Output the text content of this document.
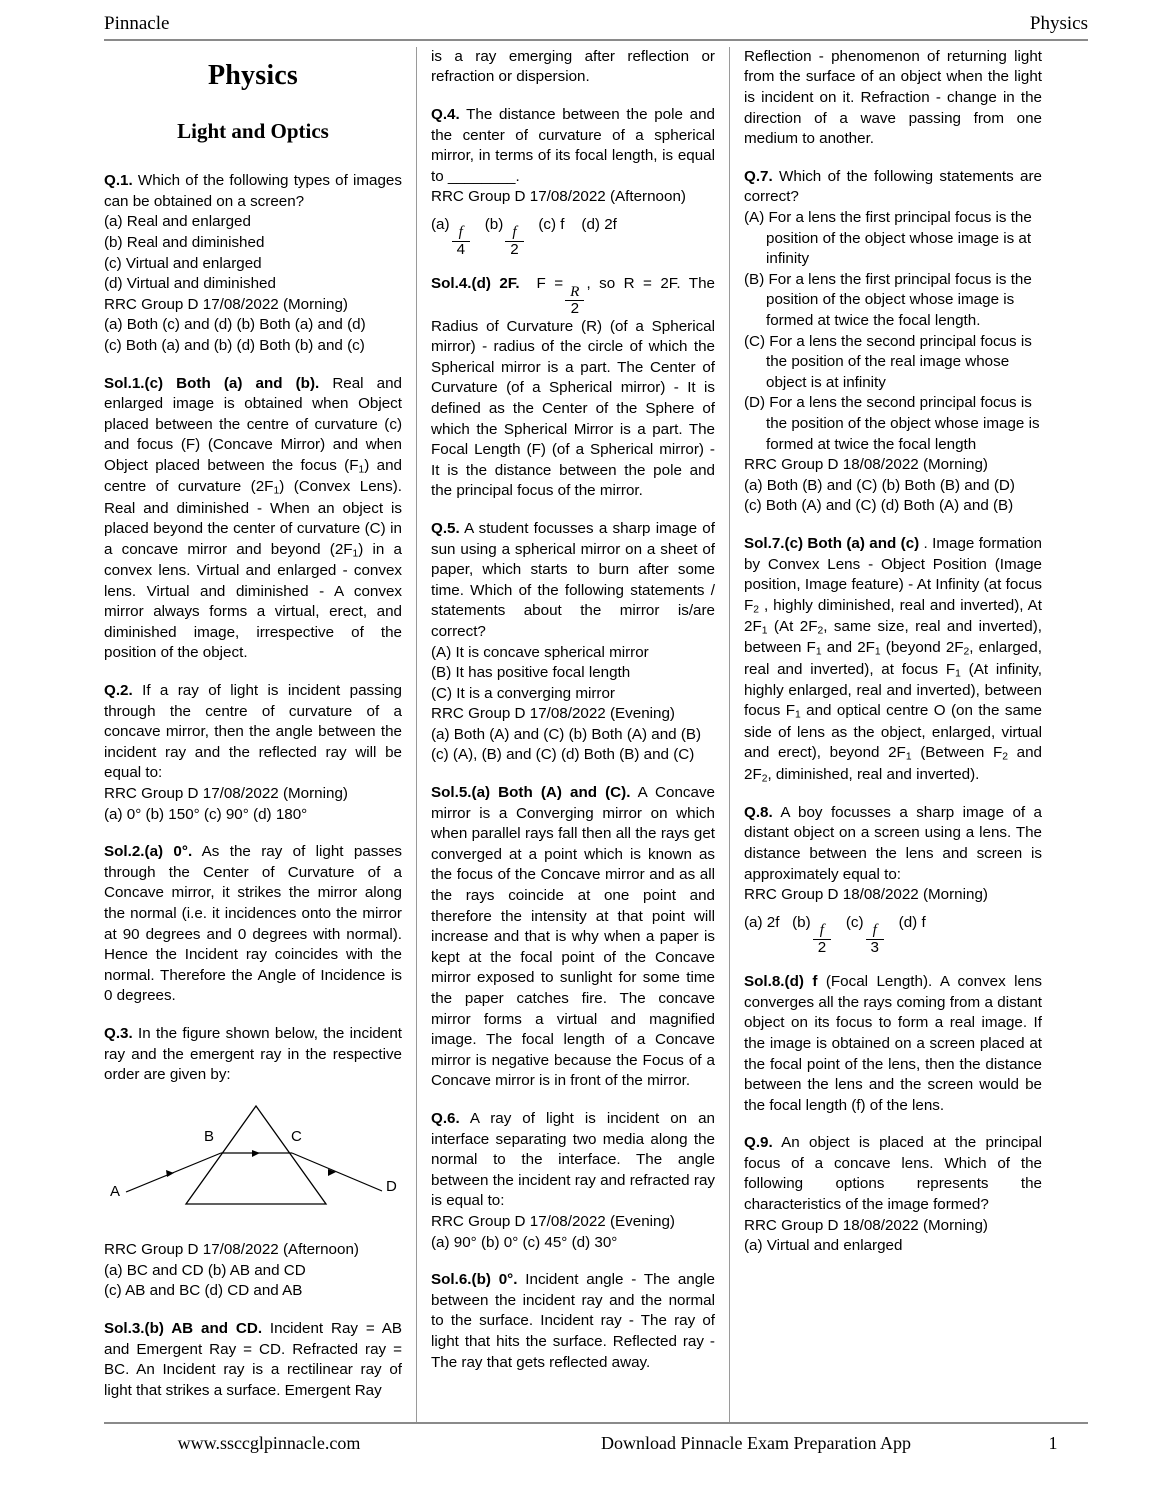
Pinnacle	Physics
Physics
Light and Optics

Q.1. Which of the following types of images can be obtained on a screen?

(a) Real and enlarged

(b) Real and diminished

(c) Virtual and enlarged

(d) Virtual and diminished

RRC Group D 17/08/2022 (Morning)

(a) Both (c) and (d) (b) Both (a) and (d)

(c) Both (a) and (b) (d) Both (b) and (c)

Sol.1.(c) Both (a) and (b). Real and enlarged image is obtained when Object placed between the centre of curvature (c) and focus (F) (Concave Mirror) and when Object placed between the focus $(F_1)$ and centre of curvature $(2F_1)$ (Convex Lens). Real and diminished - When an object is placed beyond the center of curvature (C) in a concave mirror and beyond $(2F_1)$ in a convex lens. Virtual and enlarged - convex lens. Virtual and diminished - A convex mirror always forms a virtual, erect, and diminished image, irrespective of the position of the object.

Q.2. If a ray of light is incident passing through the centre of curvature of a concave mirror, then the angle between the incident ray and the reflected ray will be equal to:

RRC Group D 17/08/2022 (Morning)

(a) 0° (b) 150° (c) 90° (d) 180°

Sol.2.(a) 0°. As the ray of light passes through the Center of Curvature of a Concave mirror, it strikes the mirror along the normal (i.e. it incidences onto the mirror at 90 degrees and 0 degrees with normal). Hence the Incident ray coincides with the normal. Therefore the Angle of Incidence is 0 degrees.

Q.3. In the figure shown below, the incident ray and the emergent ray in the respective order are given by:

A
B	C
D

RRC Group D 17/08/2022 (Afternoon)

(a) BC and CD (b) AB and CD

(c) AB and BC (d) CD and AB

Sol.3.(b) AB and CD. Incident Ray = AB and Emergent Ray = CD. Refracted ray = BC. An Incident ray is a rectilinear ray of light that strikes a surface. Emergent Ray

is a ray emerging after reflection or refraction or dispersion.

Q.4. The distance between the pole and the center of curvature of a spherical mirror, in terms of its focal length, is equal to ________.

RRC Group D 17/08/2022 (Afternoon)

$(a) \frac{f}{4} (b) \frac{f}{2} (c)$ f (d) 2f

Sol.4.(d) 2F. $F = \frac{R}{2}$ , so R = 2F. The Radius of Curvature (R) (of a Spherical mirror) - radius of the circle of which the Spherical mirror is a part. The Center of Curvature (of a Spherical mirror) - It is defined as the Center of the Sphere of which the Spherical Mirror is a part. The Focal Length (F) (of a Spherical mirror) - It is the distance between the pole and the principal focus of the mirror.

Q.5. A student focusses a sharp image of sun using a spherical mirror on a sheet of paper, which starts to burn after some time. Which of the following statements / statements about the mirror is/are correct?

(A) It is concave spherical mirror

(B) It has positive focal length

(C) It is a converging mirror

RRC Group D 17/08/2022 (Evening)

(a) Both (A) and (C) (b) Both (A) and (B)

(c) (A), (B) and (C) (d) Both (B) and (C)

Sol.5.(a) Both (A) and (C). A Concave mirror is a Converging mirror on which when parallel rays fall then all the rays get converged at a point which is known as the focus of the Concave mirror and as all the rays coincide at one point and therefore the intensity at that point will increase and that is why when a paper is kept at the focal point of the Concave mirror exposed to sunlight for some time the paper catches fire. The concave mirror forms a virtual and magnified image. The focal length of a Concave mirror is negative because the Focus of a Concave mirror is in front of the mirror.

Q.6. A ray of light is incident on an interface separating two media along the normal to the interface. The angle between the incident ray and refracted ray is equal to:

RRC Group D 17/08/2022 (Evening)

(a) 90° (b) 0° (c) 45° (d) 30°

Sol.6.(b) 0°. Incident angle - The angle between the incident ray and the normal to the surface. Incident ray - The ray of light that hits the surface. Reflected ray - The ray that gets reflected away.

Reflection - phenomenon of returning light from the surface of an object when the light is incident on it. Refraction - change in the direction of a wave passing from one medium to another.

Q.7. Which of the following statements are correct?

(A) For a lens the first principal focus is the position of the object whose image is at infinity

(B) For a lens the first principal focus is the position of the object whose image is formed at twice the focal length.

(C) For a lens the second principal focus is the position of the real image whose object is at infinity

(D) For a lens the second principal focus is the position of the object whose image is formed at twice the focal length

RRC Group D 18/08/2022 (Morning)

(a) Both (B) and (C) (b) Both (B) and (D)

(c) Both (A) and (C) (d) Both (A) and (B)

Sol.7.(c) Both (a) and (c) . Image formation by Convex Lens - Object Position (Image position, Image feature) - At Infinity (at focus $F_2$ , highly diminished, real and inverted), At $2F_1$ (At $2F_2$, same size, real and inverted), between $F_1$ and $2F_1$ (beyond $2F_2$, enlarged, real and inverted), at focus $F_1$ (At infinity, highly enlarged, real and inverted), between focus $F_1$ and optical centre O (on the same side of lens as the object, enlarged, virtual and erect), beyond $2F_1$ (Between $F_2$ and $2F_2$, diminished, real and inverted).

Q.8. A boy focusses a sharp image of a distant object on a screen using a lens. The distance between the lens and screen is approximately equal to:

RRC Group D 18/08/2022 (Morning)

(a) 2f $(b) \frac{f}{2} (c) \frac{f}{3} (d)$ f

Sol.8.(d) f (Focal Length). A convex lens converges all the rays coming from a distant object on its focus to form a real image. If the image is obtained on a screen placed at the focal point of the lens, then the distance between the lens and the screen would be the focal length (f) of the lens.

Q.9. An object is placed at the principal focus of a concave lens. Which of the following options represents the characteristics of the image formed?

RRC Group D 18/08/2022 (Morning)

(a) Virtual and enlarged

www.ssccglpinnacle.com	Download Pinnacle Exam Preparation App	1
